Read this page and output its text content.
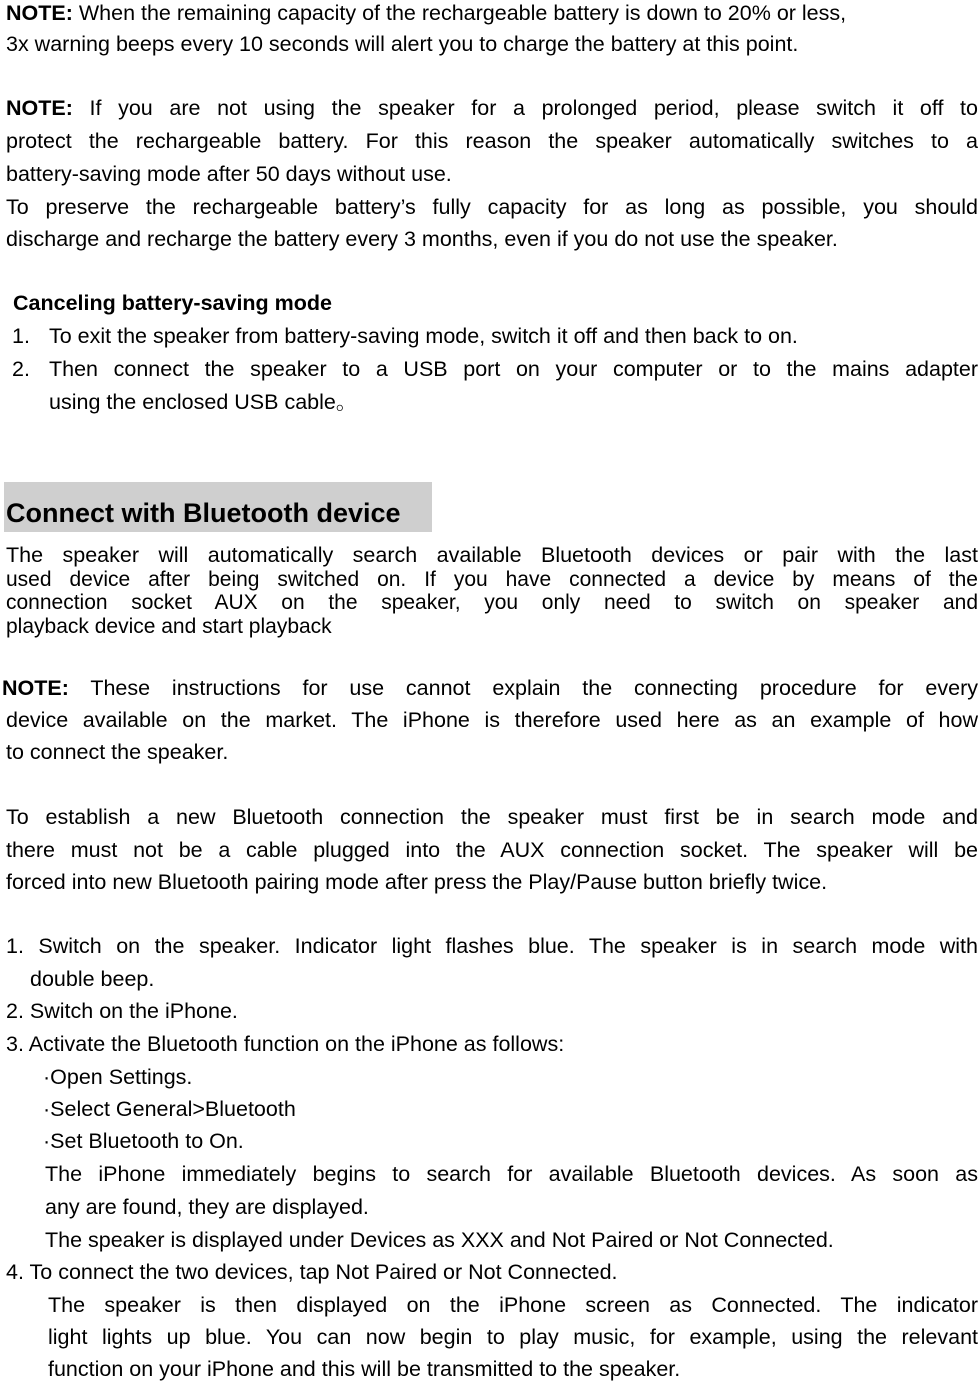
NOTE: When the remaining capacity of the rechargeable battery is down to 20% or less,
3x warning beeps every 10 seconds will alert you to charge the battery at this point.
NOTE: If you are not using the speaker for a prolonged period, please switch it off to
protect the rechargeable battery. For this reason the speaker automatically switches to a
battery-saving mode after 50 days without use.
To preserve the rechargeable battery’s fully capacity for as long as possible, you should
discharge and recharge the battery every 3 months, even if you do not use the speaker.
Canceling battery-saving mode
1. To exit the speaker from battery-saving mode, switch it off and then back to on.
2. Then connect the speaker to a USB port on your computer or to the mains adapter
using the enclosed USB cable。
Connect with Bluetooth device
The speaker will automatically search available Bluetooth devices or pair with the last
used device after being switched on. If you have connected a device by means of the
connection socket AUX on the speaker, you only need to switch on speaker and
playback device and start playback
NOTE: These instructions for use cannot explain the connecting procedure for every
device available on the market. The iPhone is therefore used here as an example of how
to connect the speaker.
To establish a new Bluetooth connection the speaker must first be in search mode and
there must not be a cable plugged into the AUX connection socket. The speaker will be
forced into new Bluetooth pairing mode after press the Play/Pause button briefly twice.
1. Switch on the speaker. Indicator light flashes blue. The speaker is in search mode with
double beep.
2. Switch on the iPhone.
3. Activate the Bluetooth function on the iPhone as follows:
·Open Settings.
·Select General>Bluetooth
·Set Bluetooth to On.
The iPhone immediately begins to search for available Bluetooth devices. As soon as
any are found, they are displayed.
The speaker is displayed under Devices as XXX and Not Paired or Not Connected.
4. To connect the two devices, tap Not Paired or Not Connected.
The speaker is then displayed on the iPhone screen as Connected. The indicator
light lights up blue. You can now begin to play music, for example, using the relevant
function on your iPhone and this will be transmitted to the speaker.
